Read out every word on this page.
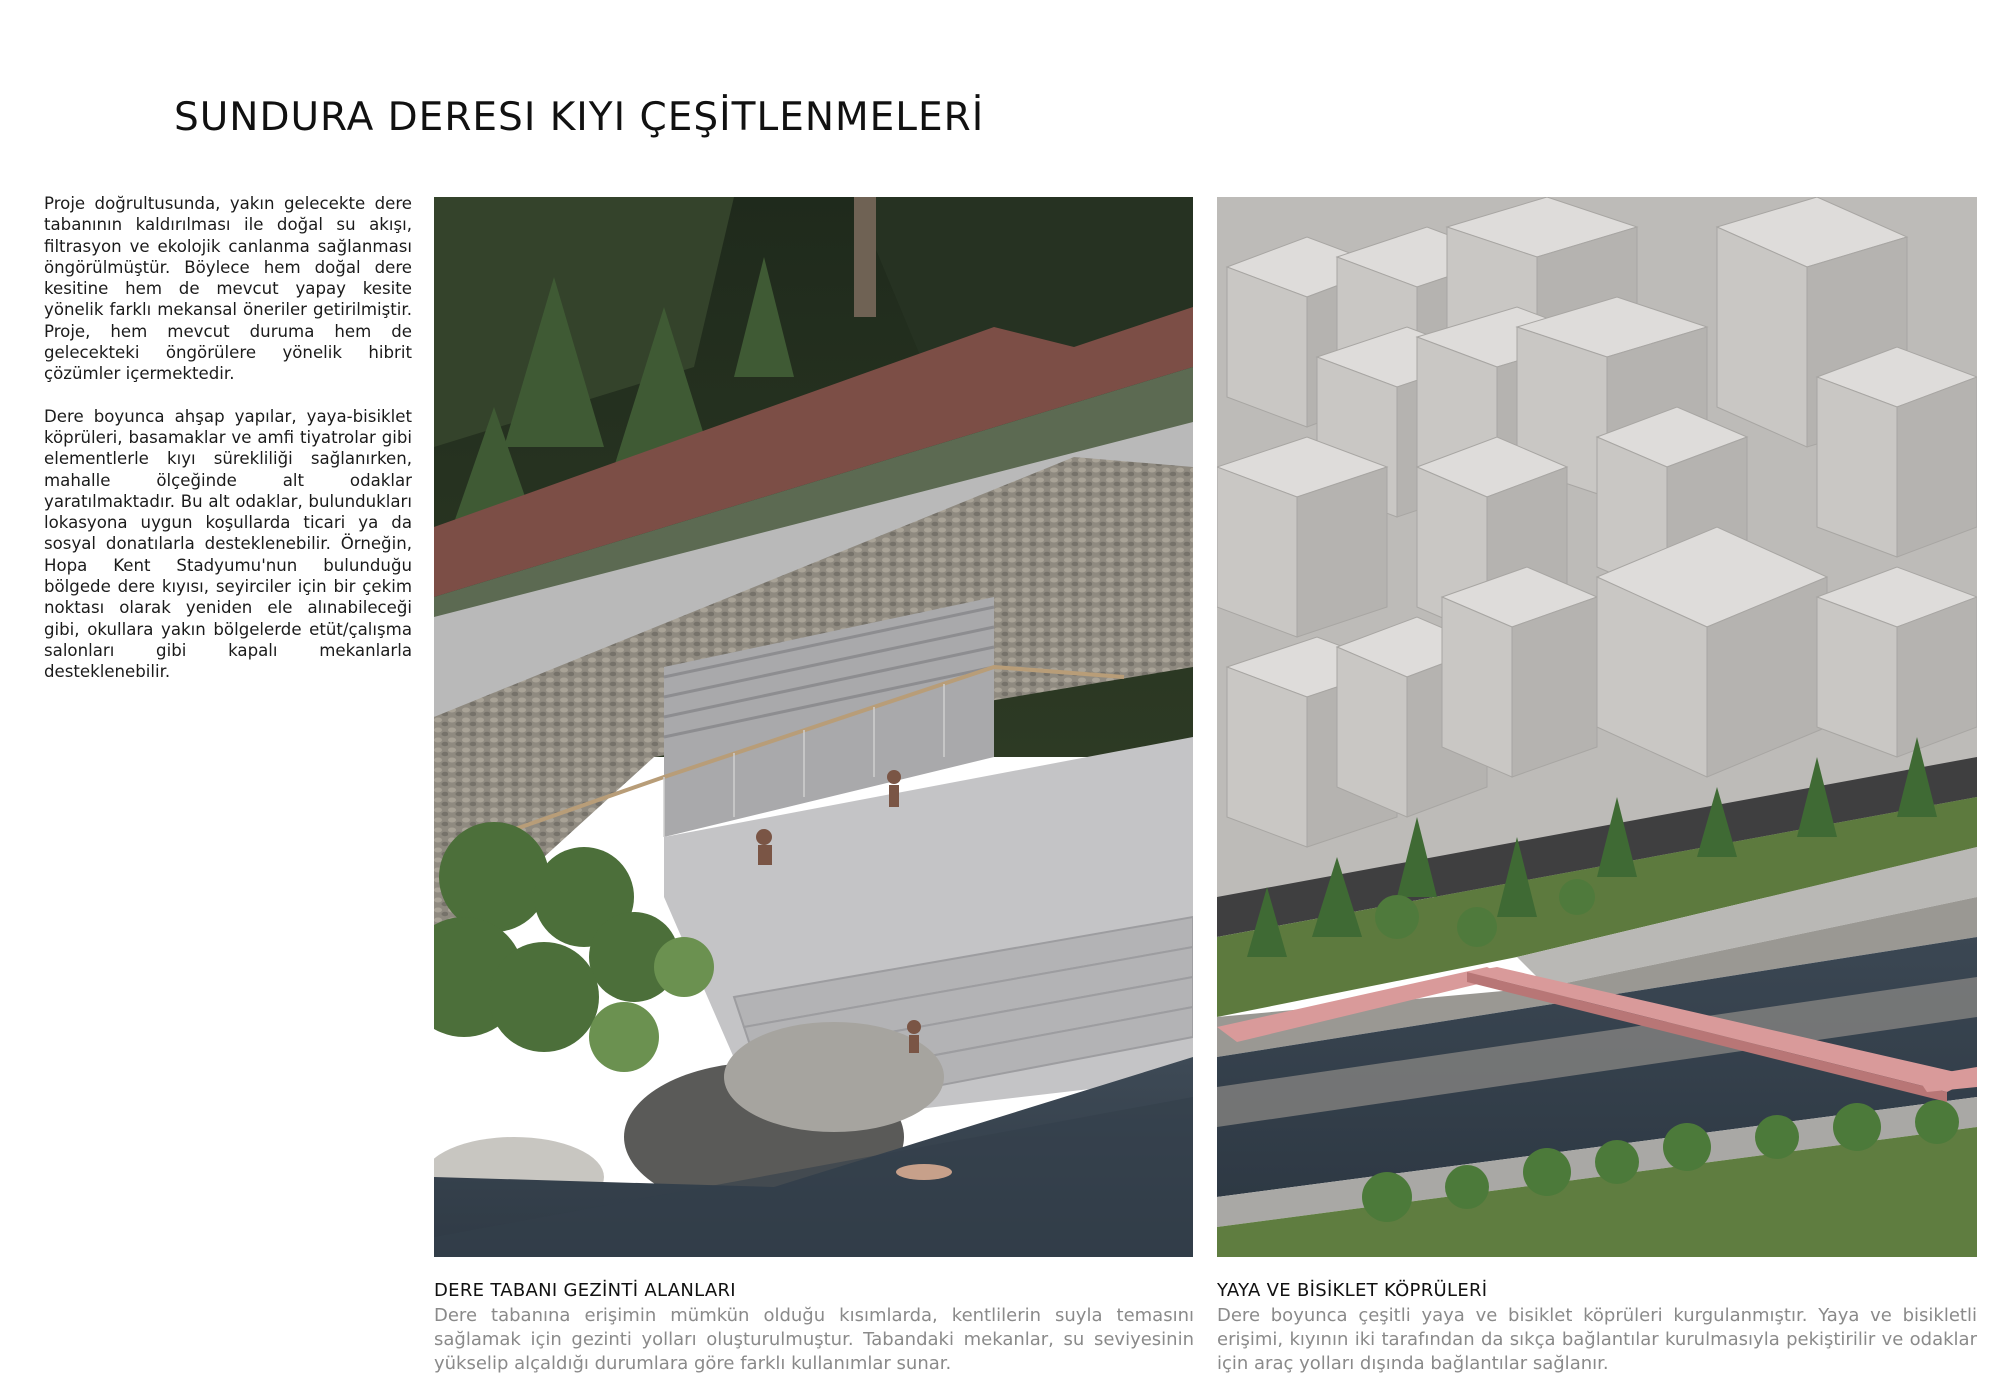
SUNDURA DERESI KIYI ÇEŞİTLENMELERİ

Proje doğrultusunda, yakın gelecekte dere tabanının kaldırılması ile doğal su akışı, filtrasyon ve ekolojik canlanma sağlanması öngörülmüştür. Böylece hem doğal dere kesitine hem de mevcut yapay kesite yönelik farklı mekansal öneriler getirilmiştir. Proje, hem mevcut duruma hem de gelecekteki öngörülere yönelik hibrit çözümler içermektedir.

Dere boyunca ahşap yapılar, yaya-bisiklet köprüleri, basamaklar ve amfi tiyatrolar gibi elementlerle kıyı sürekliliği sağlanırken, mahalle ölçeğinde alt odaklar yaratılmaktadır. Bu alt odaklar, bulundukları lokasyona uygun koşullarda ticari ya da sosyal donatılarla desteklenebilir. Örneğin, Hopa Kent Stadyumu'nun bulunduğu bölgede dere kıyısı, seyirciler için bir çekim noktası olarak yeniden ele alınabileceği gibi, okullara yakın bölgelerde etüt/çalışma salonları gibi kapalı mekanlarla desteklenebilir.

DERE TABANI GEZİNTİ ALANLARI

Dere tabanına erişimin mümkün olduğu kısımlarda, kentlilerin suyla temasını sağlamak için gezinti yolları oluşturulmuştur. Tabandaki mekanlar, su seviyesinin yükselip alçaldığı durumlara göre farklı kullanımlar sunar.

YAYA VE BİSİKLET KÖPRÜLERİ

Dere boyunca çeşitli yaya ve bisiklet köprüleri kurgulanmıştır. Yaya ve bisikletli erişimi, kıyının iki tarafından da sıkça bağlantılar kurulmasıyla pekiştirilir ve odaklar için araç yolları dışında bağlantılar sağlanır.
